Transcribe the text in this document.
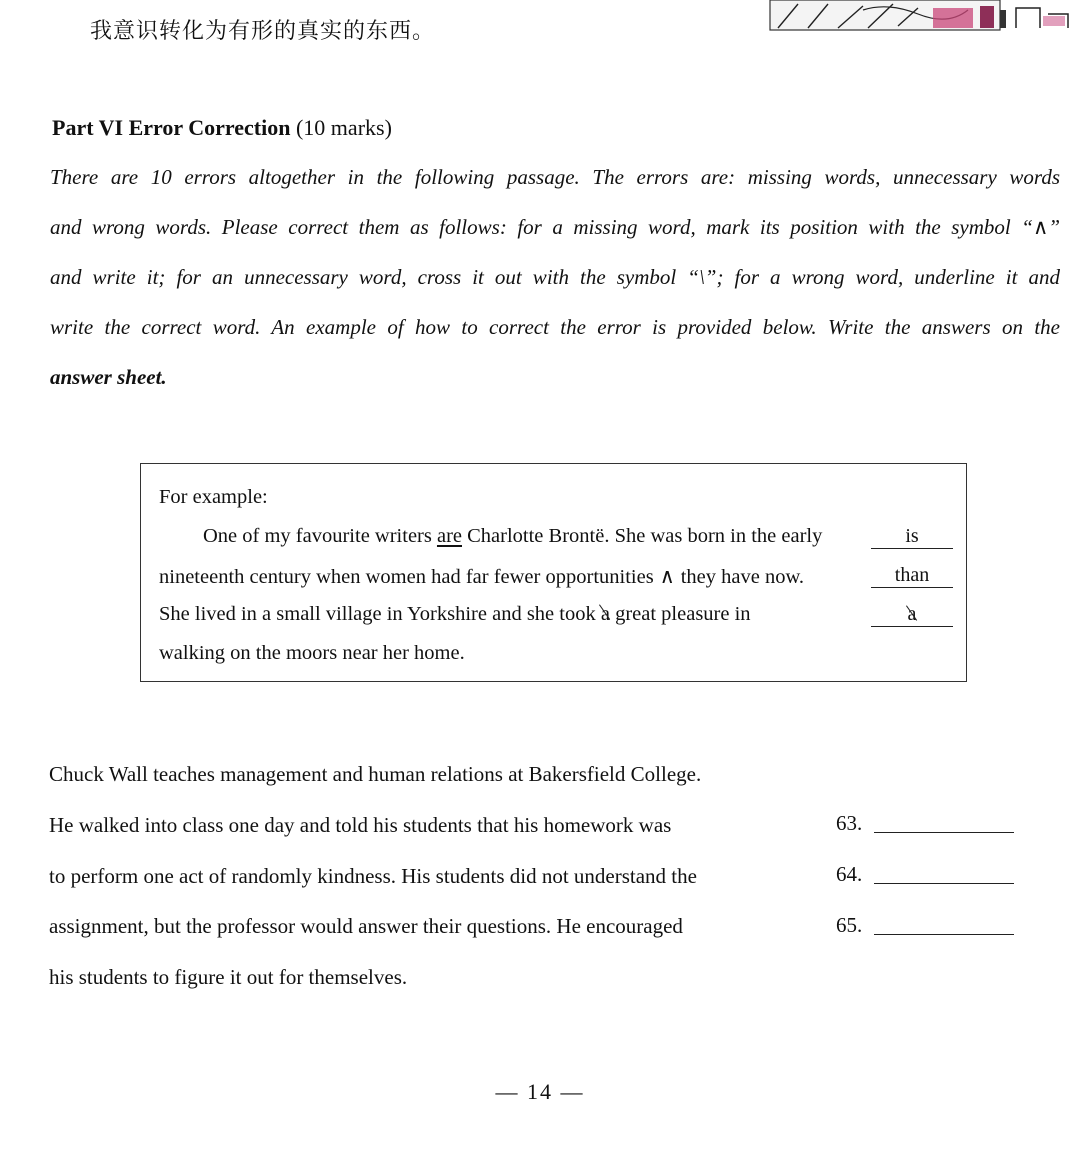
我意识转化为有形的真实的东西。
Part VI Error Correction (10 marks)
There are 10 errors altogether in the following passage. The errors are: missing words, unnecessary words
and wrong words. Please correct them as follows: for a missing word, mark its position with the symbol “∧”
and write it; for an unnecessary word, cross it out with the symbol “\”; for a wrong word, underline it and
write the correct word. An example of how to correct the error is provided below. Write the answers on the
answer sheet.
For example:
One of my favourite writers are Charlotte Brontë. She was born in the early
nineteenth century when women had far fewer opportunities ∧ they have now.
She lived in a small village in Yorkshire and she took a great pleasure in
walking on the moors near her home.
is
than
a
Chuck Wall teaches management and human relations at Bakersfield College.
He walked into class one day and told his students that his homework was
to perform one act of randomly kindness. His students did not understand the
assignment, but the professor would answer their questions. He encouraged
his students to figure it out for themselves.
63.
64.
65.
— 14 —
